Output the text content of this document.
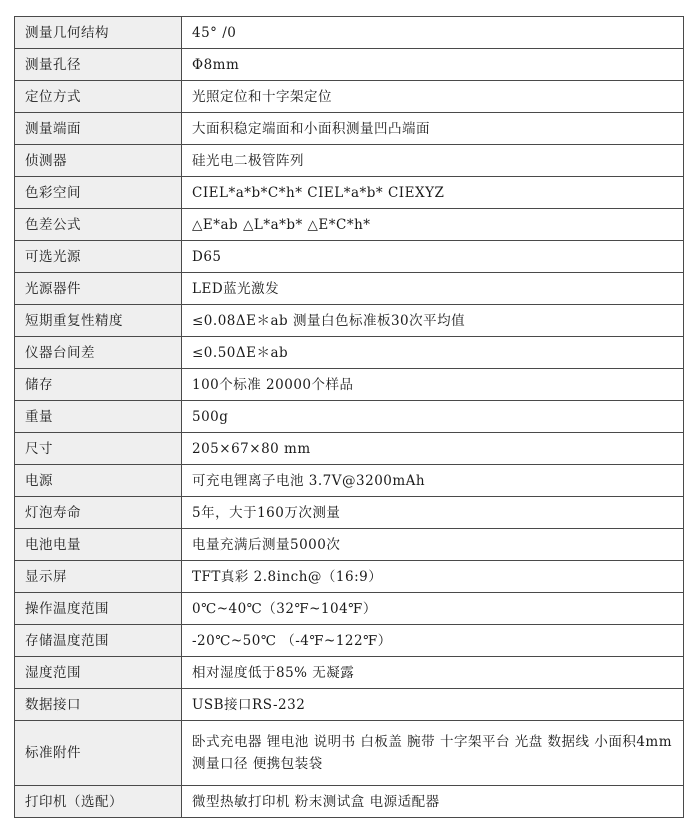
测量几何结构	45° /0
测量孔径	Φ8mm
定位方式	光照定位和十字架定位
测量端面	大面积稳定端面和小面积测量凹凸端面
侦测器	硅光电二极管阵列
色彩空间	CIEL*a*b*C*h* CIEL*a*b* CIEXYZ
色差公式	△E*ab △L*a*b* △E*C*h*
可选光源	D65
光源器件	LED蓝光激发
短期重复性精度	≤0.08ΔE＊ab 测量白色标准板30次平均值
仪器台间差	≤0.50ΔE＊ab
储存	100个标准 20000个样品
重量	500g
尺寸	205×67×80 mm
电源	可充电锂离子电池 3.7V@3200mAh
灯泡寿命	5年，大于160万次测量
电池电量	电量充满后测量5000次
显示屏	TFT真彩 2.8inch@（16:9）
操作温度范围	0℃~40℃（32℉~104℉）
存储温度范围	-20℃~50℃ （-4℉~122℉）
湿度范围	相对湿度低于85% 无凝露
数据接口	USB接口RS-232
标准附件	卧式充电器 锂电池 说明书 白板盖 腕带 十字架平台 光盘 数据线 小面积4mm测量口径 便携包装袋
打印机（选配）	微型热敏打印机 粉末测试盒 电源适配器
